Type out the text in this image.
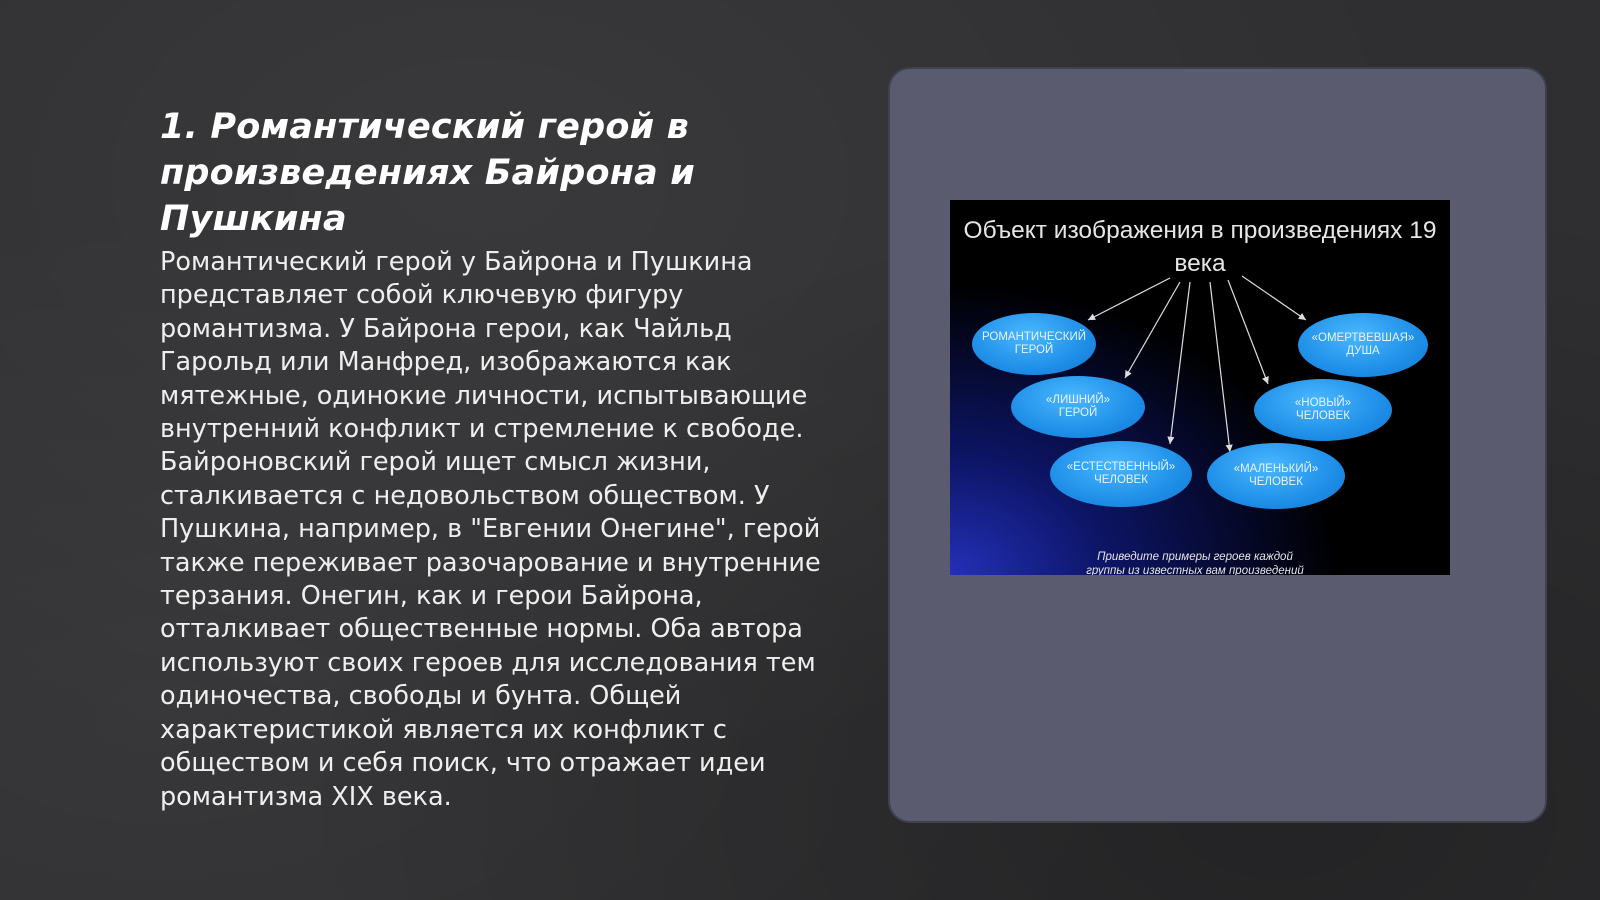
1. Романтический герой в произведениях Байрона и Пушкина

Романтический герой у Байрона и Пушкина представляет собой ключевую фигуру романтизма. У Байрона герои, как Чайльд Гарольд или Манфред, изображаются как мятежные, одинокие личности, испытывающие внутренний конфликт и стремление к свободе. Байроновский герой ищет смысл жизни, сталкивается с недовольством обществом. У Пушкина, например, в "Евгении Онегине", герой также переживает разочарование и внутренние терзания. Онегин, как и герои Байрона, отталкивает общественные нормы. Оба автора используют своих героев для исследования тем одиночества, свободы и бунта. Общей характеристикой является их конфликт с обществом и себя поиск, что отражает идеи романтизма XIX века.

Объект изображения в произведениях 19 века

РОМАНТИЧЕСКИЙ
ГЕРОЙ
«ЛИШНИЙ»
ГЕРОЙ
«ЕСТЕСТВЕННЫЙ»
ЧЕЛОВЕК
«МАЛЕНЬКИЙ»
ЧЕЛОВЕК
«НОВЫЙ»
ЧЕЛОВЕК
«ОМЕРТВЕВШАЯ»
ДУША

Приведите примеры героев каждой
группы из известных вам произведений
